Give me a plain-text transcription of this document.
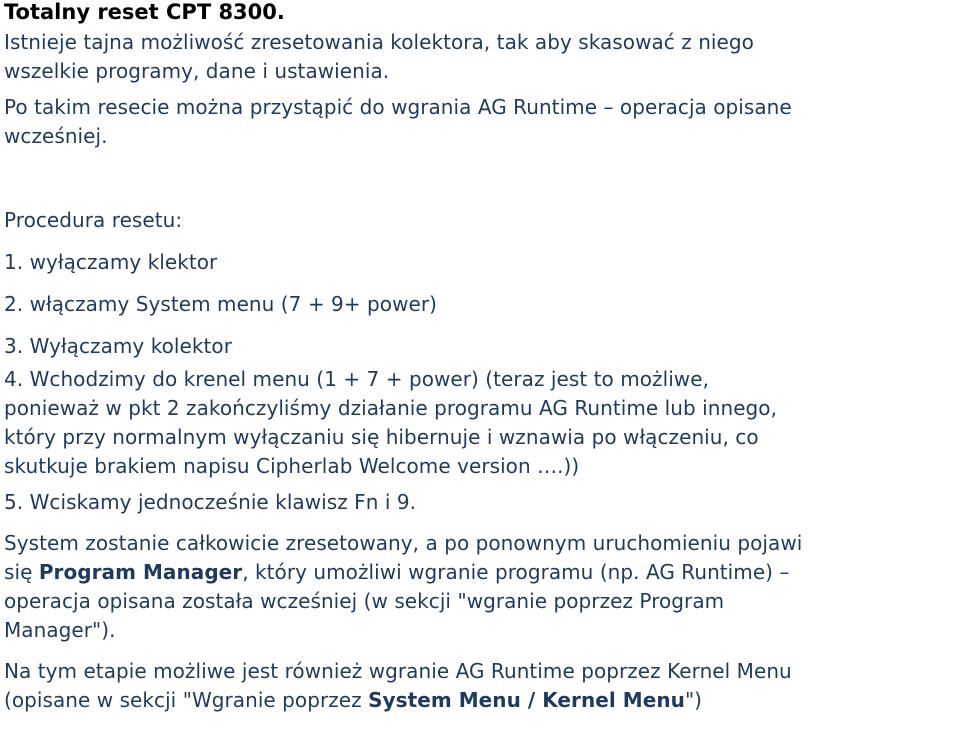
Totalny reset CPT 8300.

Istnieje tajna możliwość zresetowania kolektora, tak aby skasować z niego
wszelkie programy, dane i ustawienia.

Po takim resecie można przystąpić do wgrania AG Runtime – operacja opisane
wcześniej.

Procedura resetu:
1. wyłączamy klektor
2. włączamy System menu (7 + 9+ power)
3. Wyłączamy kolektor

4. Wchodzimy do krenel menu (1 + 7 + power) (teraz jest to możliwe,
ponieważ w pkt 2 zakończyliśmy działanie programu AG Runtime lub innego,
który przy normalnym wyłączaniu się hibernuje i wznawia po włączeniu, co
skutkuje brakiem napisu Cipherlab Welcome version ….))

5. Wciskamy jednocześnie klawisz Fn i 9.

System zostanie całkowicie zresetowany, a po ponownym uruchomieniu pojawi
się Program Manager, który umożliwi wgranie programu (np. AG Runtime) –
operacja opisana została wcześniej (w sekcji "wgranie poprzez Program
Manager").

Na tym etapie możliwe jest również wgranie AG Runtime poprzez Kernel Menu
(opisane w sekcji "Wgranie poprzez System Menu / Kernel Menu")
